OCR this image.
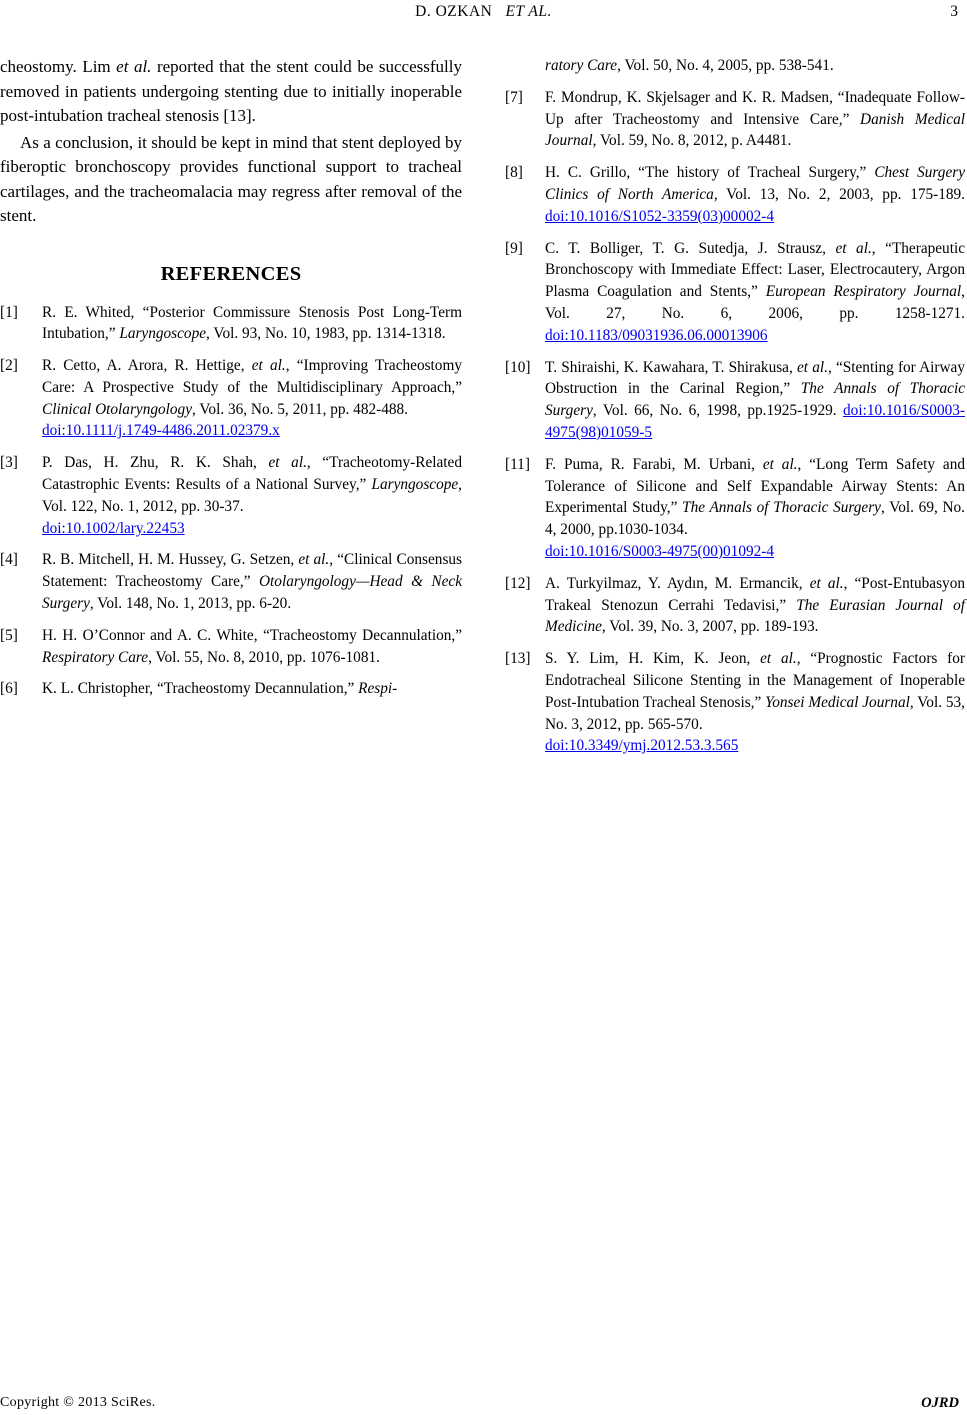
D. OZKAN ET AL.	3

cheostomy. Lim et al. reported that the stent could be successfully removed in patients undergoing stenting due to initially inoperable post-intubation tracheal stenosis [13].

As a conclusion, it should be kept in mind that stent deployed by fiberoptic bronchoscopy provides functional support to tracheal cartilages, and the tracheomalacia may regress after removal of the stent.

REFERENCES
[1] R. E. Whited, “Posterior Commissure Stenosis Post Long-Term Intubation,” Laryngoscope, Vol. 93, No. 10, 1983, pp. 1314-1318.
[2] R. Cetto, A. Arora, R. Hettige, et al., “Improving Tracheostomy Care: A Prospective Study of the Multidisciplinary Approach,” Clinical Otolaryngology, Vol. 36, No. 5, 2011, pp. 482-488.
doi:10.1111/j.1749-4486.2011.02379.x
[3] P. Das, H. Zhu, R. K. Shah, et al., “Tracheotomy-Related Catastrophic Events: Results of a National Survey,” Laryngoscope, Vol. 122, No. 1, 2012, pp. 30-37.
doi:10.1002/lary.22453
[4] R. B. Mitchell, H. M. Hussey, G. Setzen, et al., “Clinical Consensus Statement: Tracheostomy Care,” Otolaryngology—Head & Neck Surgery, Vol. 148, No. 1, 2013, pp. 6-20.
[5] H. H. O’Connor and A. C. White, “Tracheostomy Decannulation,” Respiratory Care, Vol. 55, No. 8, 2010, pp. 1076-1081.
[6] K. L. Christopher, “Tracheostomy Decannulation,” Respi-
ratory Care, Vol. 50, No. 4, 2005, pp. 538-541.
[7] F. Mondrup, K. Skjelsager and K. R. Madsen, “Inadequate Follow-Up after Tracheostomy and Intensive Care,” Danish Medical Journal, Vol. 59, No. 8, 2012, p. A4481.
[8] H. C. Grillo, “The history of Tracheal Surgery,” Chest Surgery Clinics of North America, Vol. 13, No. 2, 2003, pp. 175-189. doi:10.1016/S1052-3359(03)00002-4
[9] C. T. Bolliger, T. G. Sutedja, J. Strausz, et al., “Therapeutic Bronchoscopy with Immediate Effect: Laser, Electrocautery, Argon Plasma Coagulation and Stents,” European Respiratory Journal, Vol. 27, No. 6, 2006, pp. 1258-1271. doi:10.1183/09031936.06.00013906
[10] T. Shiraishi, K. Kawahara, T. Shirakusa, et al., “Stenting for Airway Obstruction in the Carinal Region,” The Annals of Thoracic Surgery, Vol. 66, No. 6, 1998, pp.1925-1929. doi:10.1016/S0003-4975(98)01059-5
[11] F. Puma, R. Farabi, M. Urbani, et al., “Long Term Safety and Tolerance of Silicone and Self Expandable Airway Stents: An Experimental Study,” The Annals of Thoracic Surgery, Vol. 69, No. 4, 2000, pp.1030-1034.
doi:10.1016/S0003-4975(00)01092-4
[12] A. Turkyilmaz, Y. Aydın, M. Ermancik, et al., “Post-Entubasyon Trakeal Stenozun Cerrahi Tedavisi,” The Eurasian Journal of Medicine, Vol. 39, No. 3, 2007, pp. 189-193.
[13] S. Y. Lim, H. Kim, K. Jeon, et al., “Prognostic Factors for Endotracheal Silicone Stenting in the Management of Inoperable Post-Intubation Tracheal Stenosis,” Yonsei Medical Journal, Vol. 53, No. 3, 2012, pp. 565-570.
doi:10.3349/ymj.2012.53.3.565
Copyright © 2013 SciRes.	OJRD
